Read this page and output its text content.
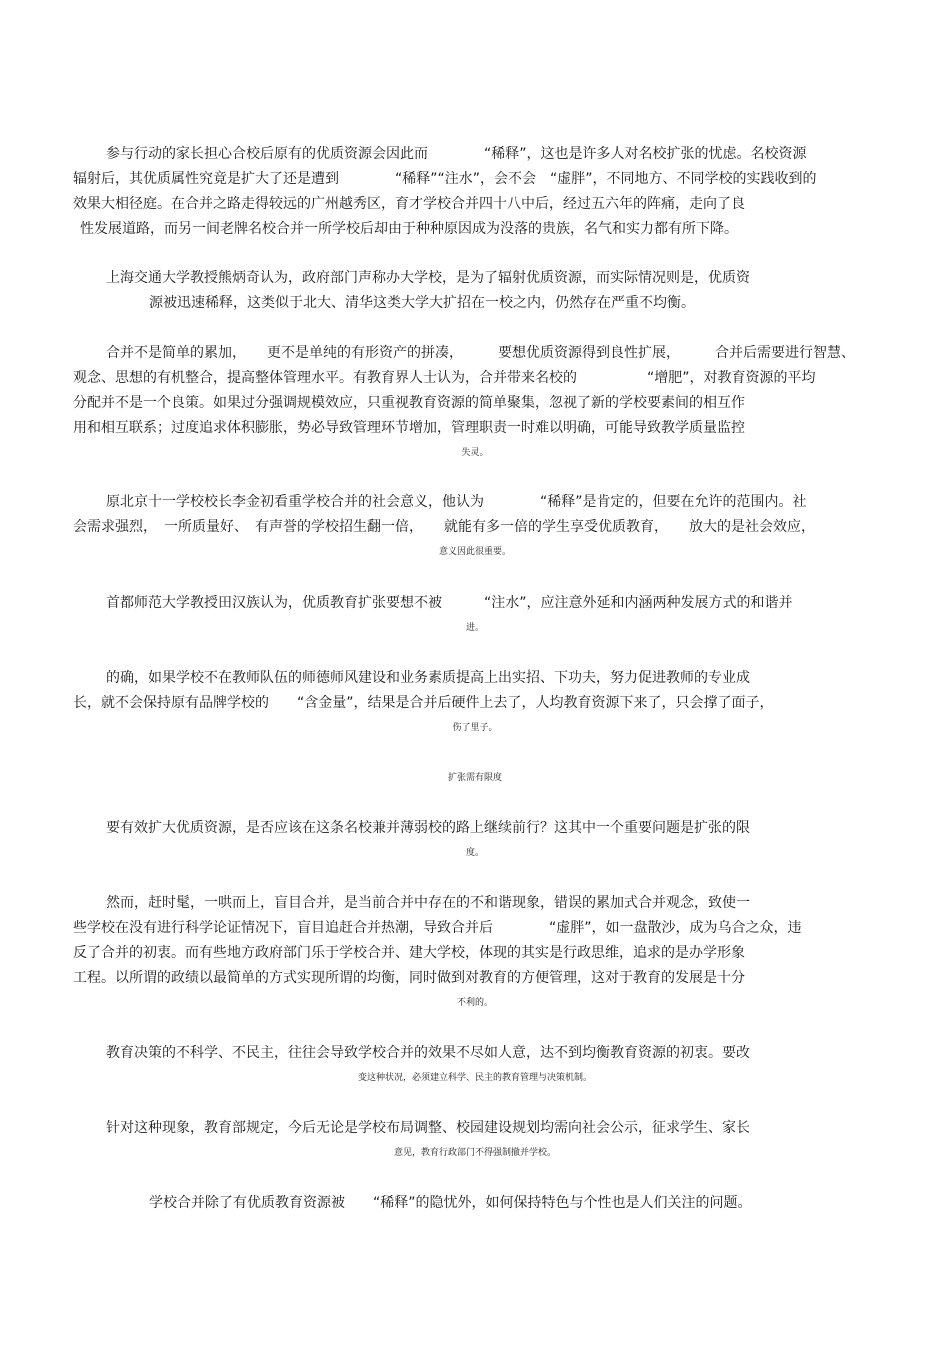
参与行动的家长担心合校后原有的优质资源会因此而　　　　“稀释”，这也是许多人对名校扩张的忧虑。名校资源

辐射后，其优质属性究竟是扩大了还是遭到　　　　“稀释”“注水”，会不会　“虚胖”，不同地方、不同学校的实践收到的

效果大相径庭。在合并之路走得较远的广州越秀区，育才学校合并四十八中后，经过五六年的阵痛，走向了良

性发展道路，而另一间老牌名校合并一所学校后却由于种种原因成为没落的贵族，名气和实力都有所下降。

上海交通大学教授熊炳奇认为，政府部门声称办大学校，是为了辐射优质资源，而实际情况则是，优质资

源被迅速稀释，这类似于北大、清华这类大学大扩招在一校之内，仍然存在严重不均衡。

合并不是简单的累加，　　更不是单纯的有形资产的拼凑，　　　要想优质资源得到良性扩展，　　　合并后需要进行智慧、

观念、思想的有机整合，提高整体管理水平。有教育界人士认为，合并带来名校的　　　　　“增肥”，对教育资源的平均

分配并不是一个良策。如果过分强调规模效应，只重视教育资源的简单聚集，忽视了新的学校要素间的相互作

用和相互联系；过度追求体积膨胀，势必导致管理环节增加，管理职责一时难以明确，可能导致教学质量监控

失灵。

原北京十一学校校长李金初看重学校合并的社会意义，他认为　　　　“稀释”是肯定的，但要在允许的范围内。社

会需求强烈，　一所质量好、　有声誉的学校招生翻一倍，　　就能有多一倍的学生享受优质教育，　　放大的是社会效应，

意义因此很重要。

首都师范大学教授田汉族认为，优质教育扩张要想不被　　　“注水”，应注意外延和内涵两种发展方式的和谐并

进。

的确，如果学校不在教师队伍的师德师风建设和业务素质提高上出实招、下功夫，努力促进教师的专业成

长，就不会保持原有品牌学校的　　“含金量”，结果是合并后硬件上去了，人均教育资源下来了，只会撑了面子，

伤了里子。

扩张需有限度

要有效扩大优质资源，是否应该在这条名校兼并薄弱校的路上继续前行？这其中一个重要问题是扩张的限

度。

然而，赶时髦，一哄而上，盲目合并，是当前合并中存在的不和谐现象，错误的累加式合并观念，致使一

些学校在没有进行科学论证情况下，盲目追赶合并热潮，导致合并后　　　　“虚胖”，如一盘散沙，成为乌合之众，违

反了合并的初衷。而有些地方政府部门乐于学校合并、建大学校，体现的其实是行政思维，追求的是办学形象

工程。以所谓的政绩以最简单的方式实现所谓的均衡，同时做到对教育的方便管理，这对于教育的发展是十分

不利的。

教育决策的不科学、不民主，往往会导致学校合并的效果不尽如人意，达不到均衡教育资源的初衷。要改

变这种状况，必须建立科学、民主的教育管理与决策机制。

针对这种现象，教育部规定，今后无论是学校布局调整、校园建设规划均需向社会公示，征求学生、家长

意见，教育行政部门不得强制撤并学校。

学校合并除了有优质教育资源被　　“稀释”的隐忧外，如何保持特色与个性也是人们关注的问题。
